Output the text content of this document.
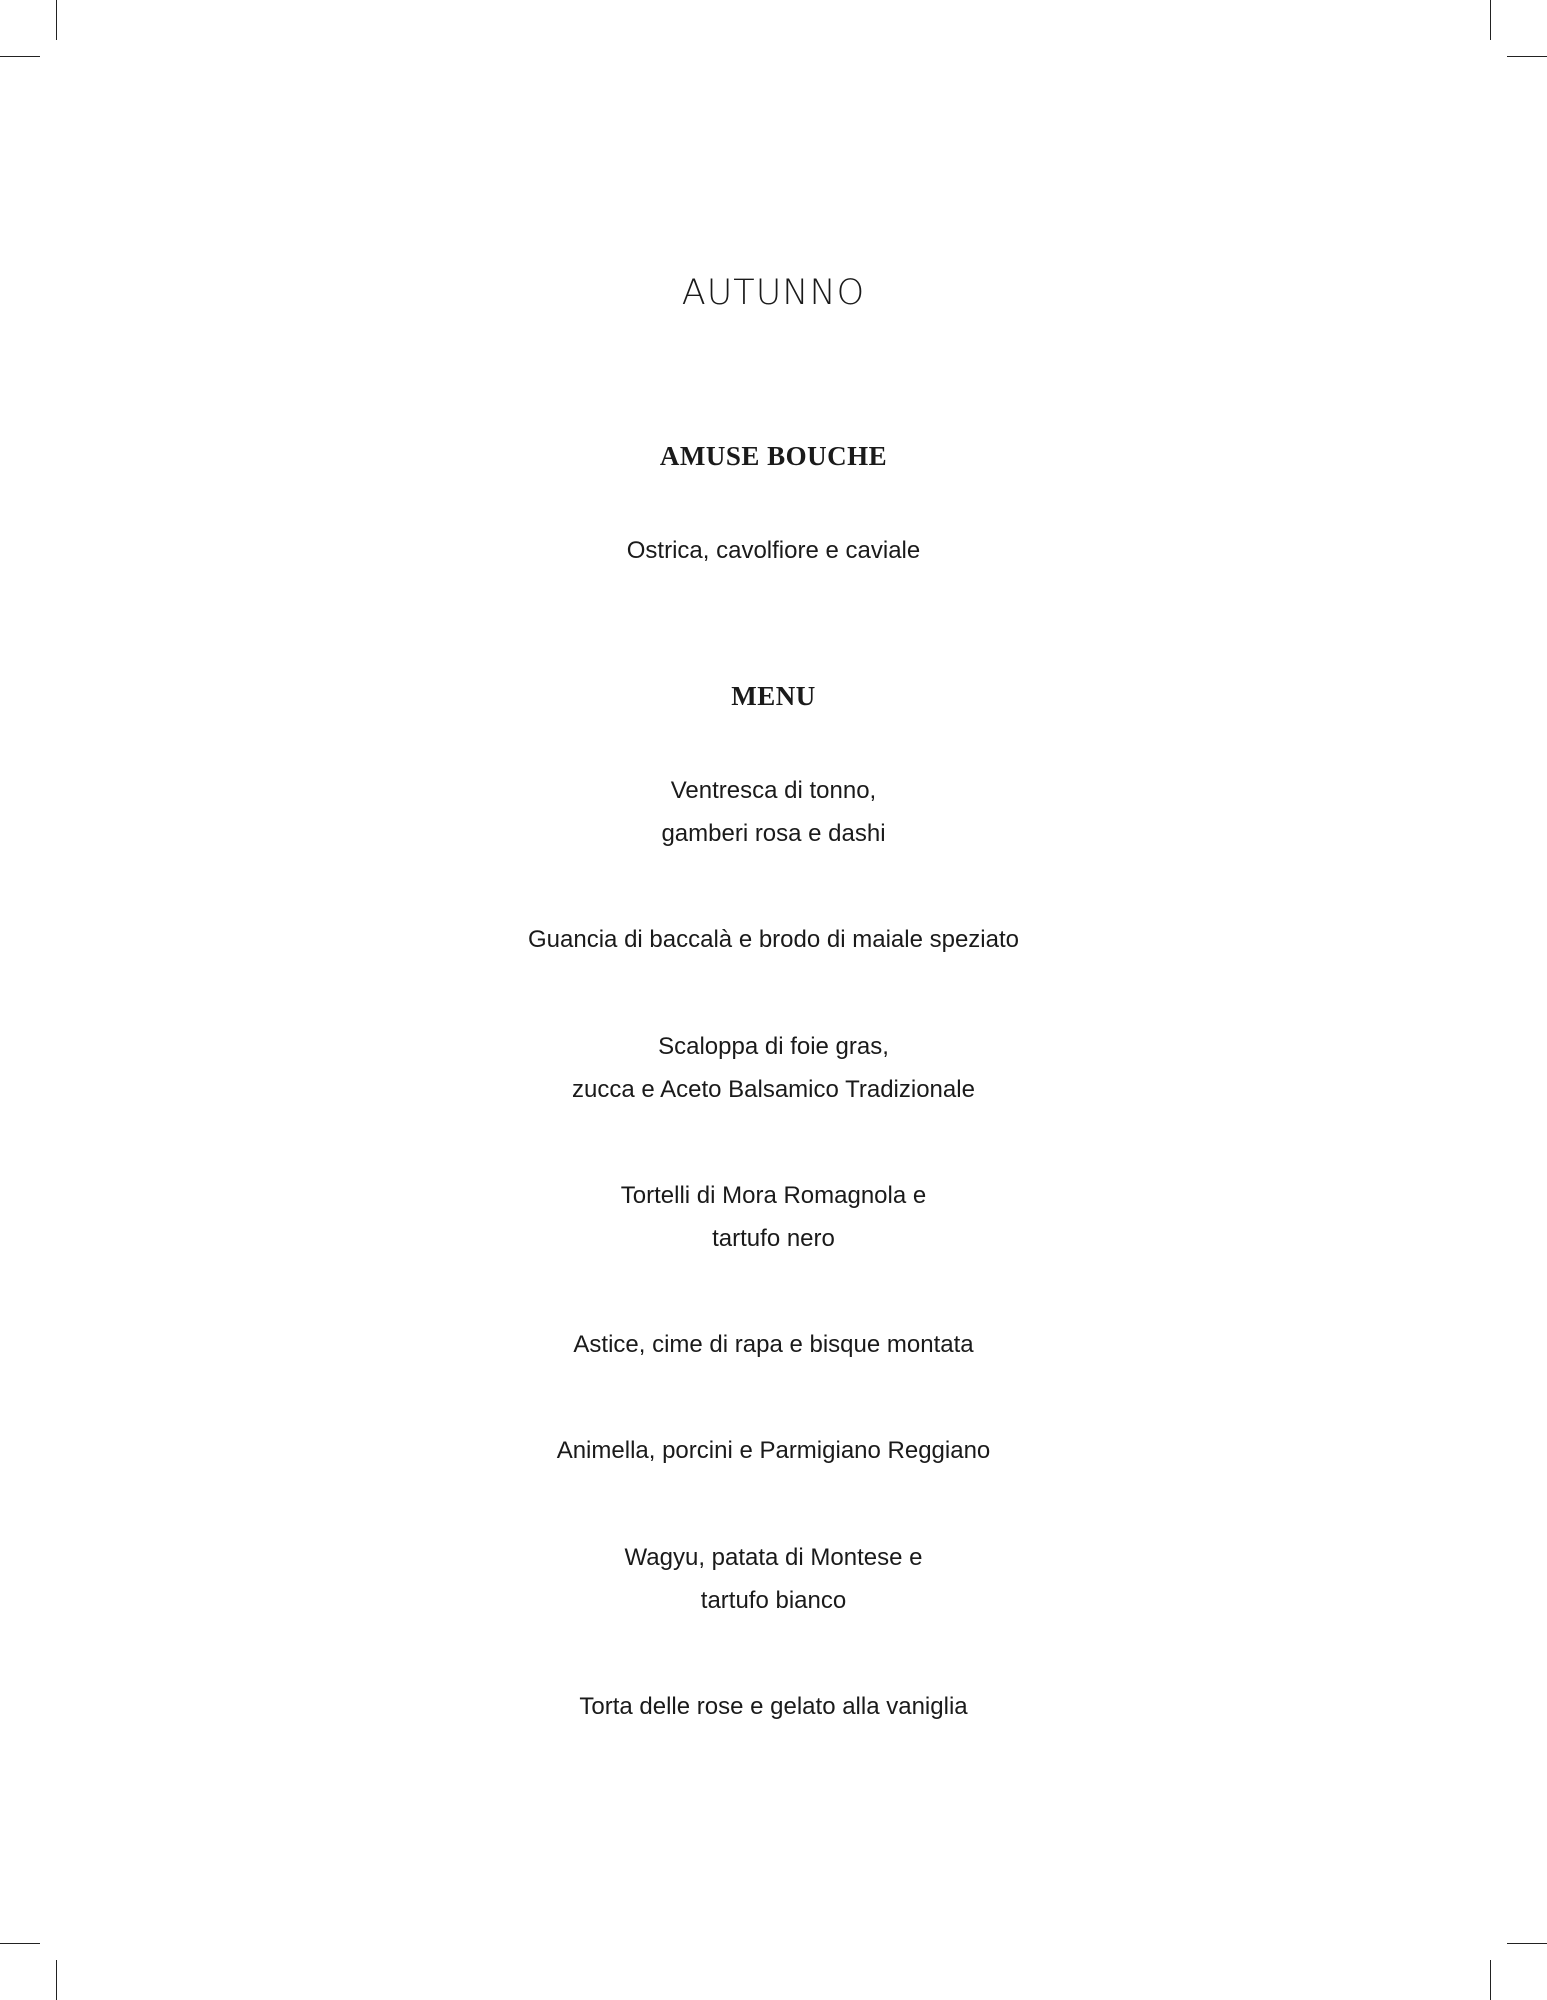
AUTUNNO
AMUSE BOUCHE
Ostrica, cavolfiore e caviale
MENU
Ventresca di tonno,
gamberi rosa e dashi
Guancia di baccalà e brodo di maiale speziato
Scaloppa di foie gras,
zucca e Aceto Balsamico Tradizionale
Tortelli di Mora Romagnola e
tartufo nero
Astice, cime di rapa e bisque montata
Animella, porcini e Parmigiano Reggiano
Wagyu, patata di Montese e
tartufo bianco
Torta delle rose e gelato alla vaniglia
